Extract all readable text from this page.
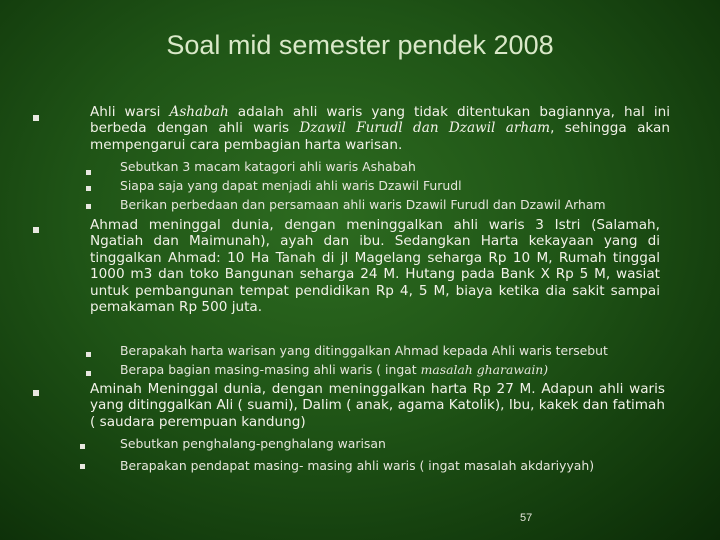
Soal mid semester pendek 2008
Ahli warsi Ashabah adalah ahli waris yang tidak ditentukan bagiannya, hal ini berbeda dengan ahli waris Dzawil Furudl dan Dzawil arham, sehingga akan mempengarui cara pembagian harta warisan.
Sebutkan 3 macam katagori ahli waris Ashabah
Siapa saja yang dapat menjadi ahli waris Dzawil Furudl
Berikan perbedaan dan persamaan ahli waris Dzawil Furudl dan Dzawil Arham
Ahmad meninggal dunia, dengan meninggalkan ahli waris 3 Istri (Salamah, Ngatiah dan Maimunah), ayah dan ibu. Sedangkan Harta kekayaan yang di tinggalkan Ahmad: 10 Ha Tanah di jl Magelang seharga Rp 10 M, Rumah tinggal 1000 m3 dan toko Bangunan seharga 24 M. Hutang pada Bank X Rp 5 M, wasiat untuk pembangunan tempat pendidikan Rp 4, 5 M, biaya ketika dia sakit sampai pemakaman Rp 500 juta.
Berapakah harta warisan yang ditinggalkan Ahmad kepada Ahli waris tersebut
Berapa bagian masing-masing ahli waris ( ingat masalah gharawain)
Aminah Meninggal dunia, dengan meninggalkan harta Rp 27 M. Adapun ahli waris yang ditinggalkan Ali ( suami), Dalim ( anak, agama Katolik), Ibu, kakek dan fatimah ( saudara perempuan kandung)
Sebutkan penghalang-penghalang warisan
Berapakan pendapat masing- masing ahli waris ( ingat masalah akdariyyah)
57
